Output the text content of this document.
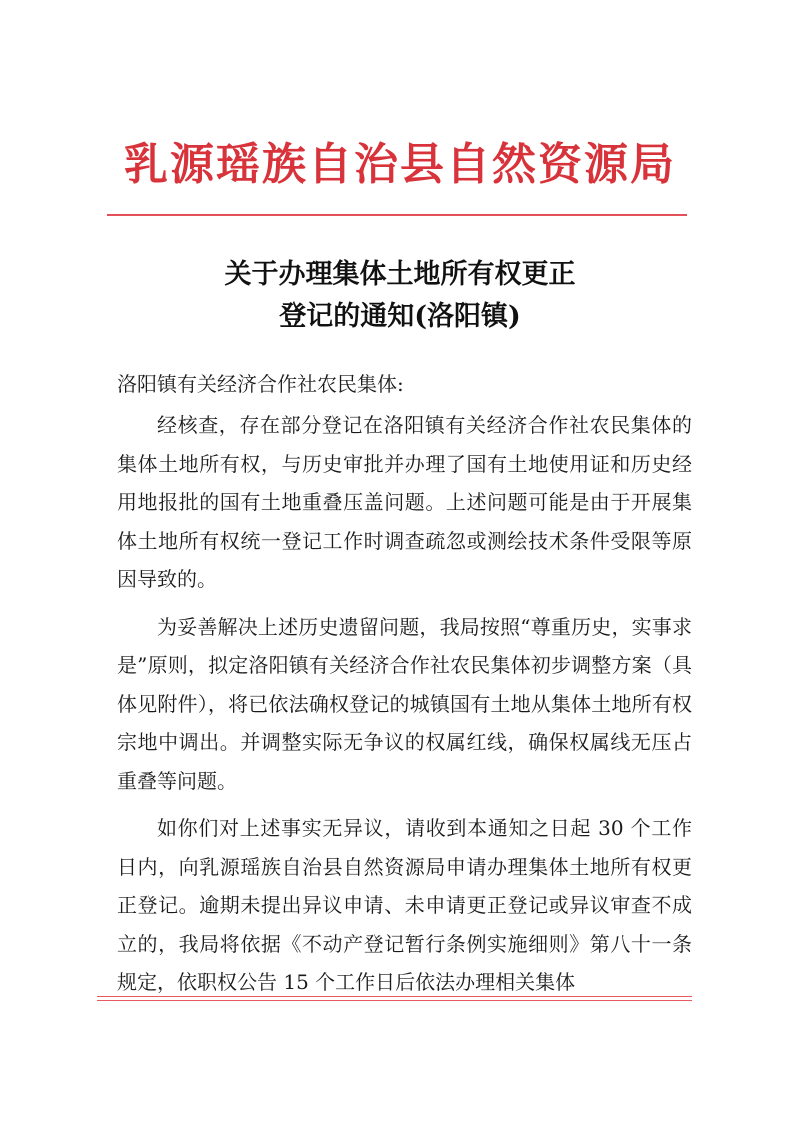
乳源瑶族自治县自然资源局
关于办理集体土地所有权更正
登记的通知(洛阳镇)
洛阳镇有关经济合作社农民集体:

经核查，存在部分登记在洛阳镇有关经济合作社农民集体的集体土地所有权，与历史审批并办理了国有土地使用证和历史经用地报批的国有土地重叠压盖问题。上述问题可能是由于开展集体土地所有权统一登记工作时调查疏忽或测绘技术条件受限等原因导致的。

为妥善解决上述历史遗留问题，我局按照“尊重历史，实事求是”原则，拟定洛阳镇有关经济合作社农民集体初步调整方案（具体见附件），将已依法确权登记的城镇国有土地从集体土地所有权宗地中调出。并调整实际无争议的权属红线，确保权属线无压占重叠等问题。

如你们对上述事实无异议，请收到本通知之日起 30 个工作日内，向乳源瑶族自治县自然资源局申请办理集体土地所有权更正登记。逾期未提出异议申请、未申请更正登记或异议审查不成立的，我局将依据《不动产登记暂行条例实施细则》第八十一条规定，依职权公告 15 个工作日后依法办理相关集体
